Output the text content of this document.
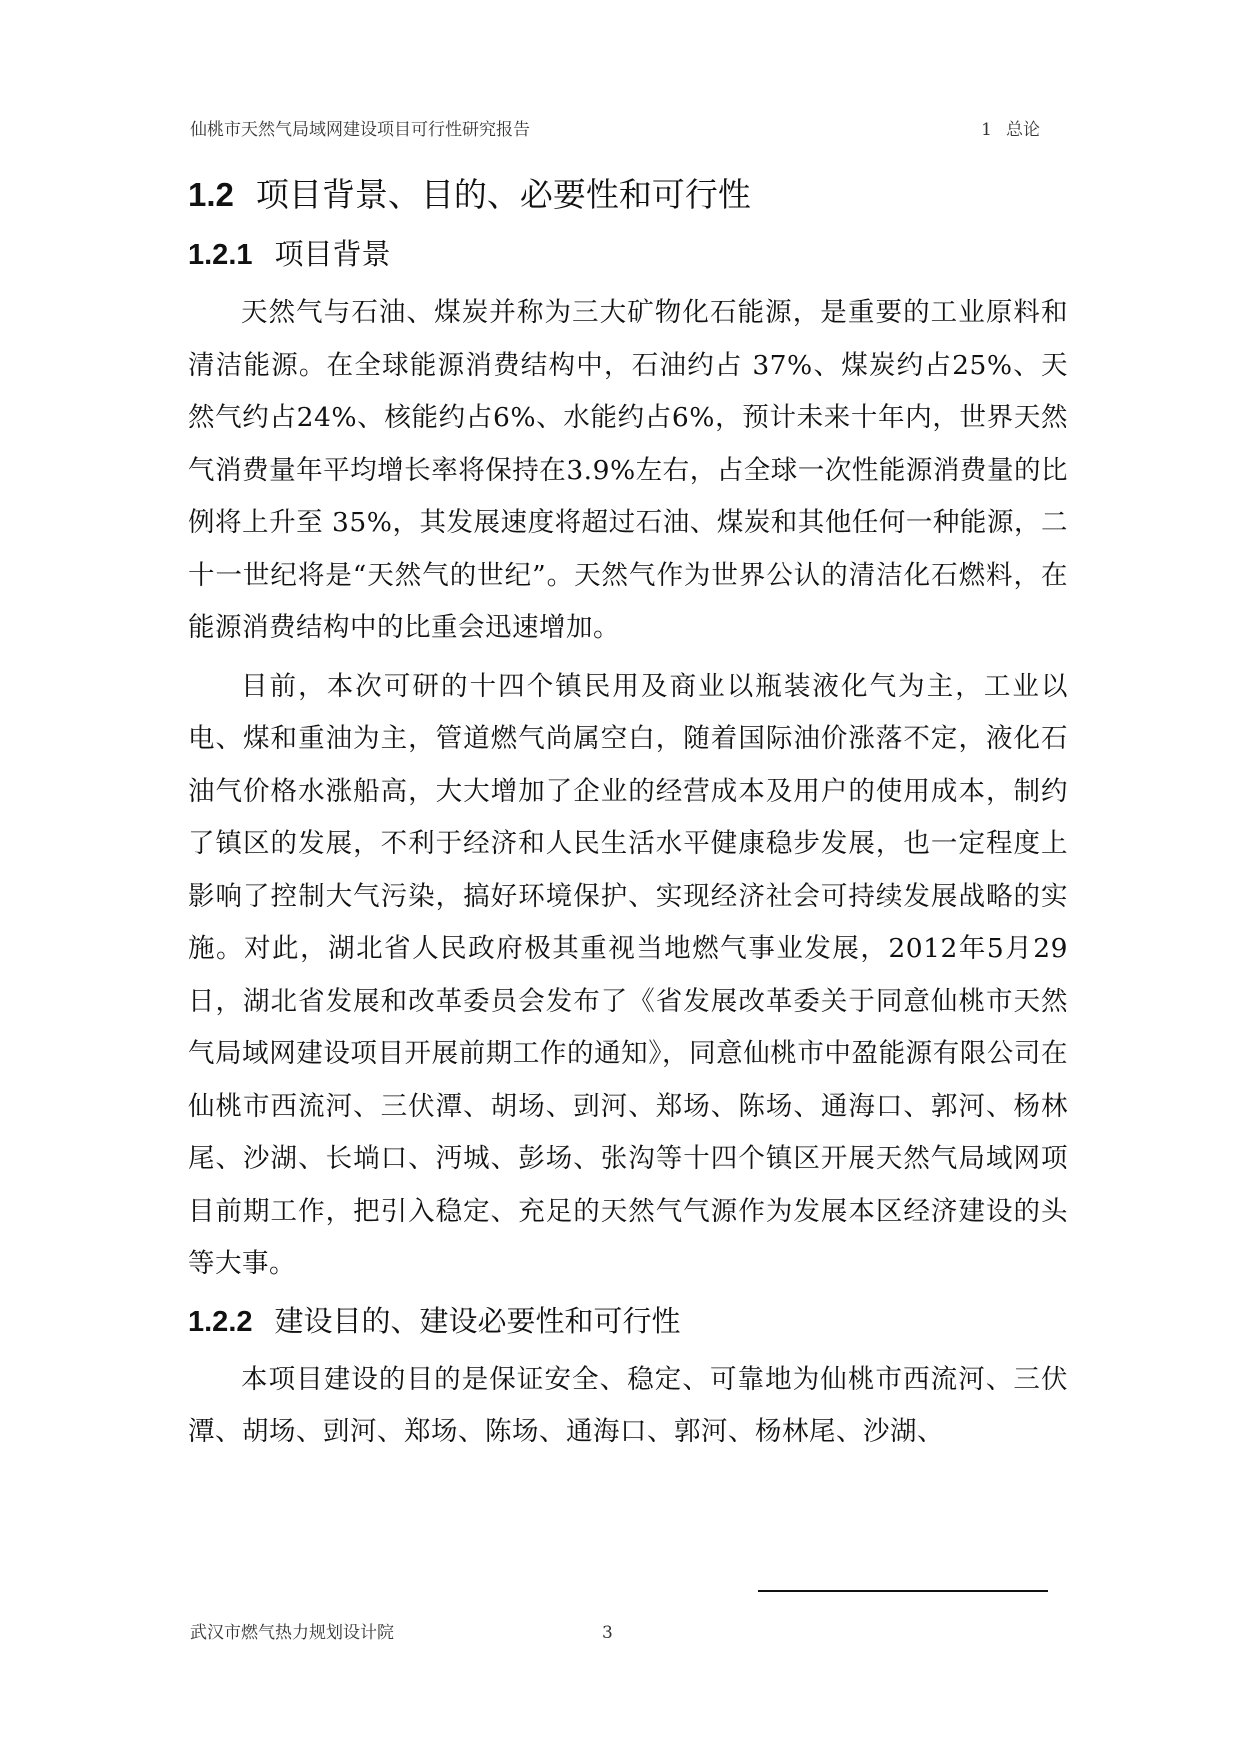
仙桃市天然气局域网建设项目可行性研究报告	1 总论
1.2 项目背景、目的、必要性和可行性
1.2.1 项目背景

天然气与石油、煤炭并称为三大矿物化石能源，是重要的工业原料和清洁能源。在全球能源消费结构中，石油约占 37%、煤炭约占25%、天然气约占24%、核能约占6%、水能约占6%，预计未来十年内，世界天然气消费量年平均增长率将保持在3.9%左右，占全球一次性能源消费量的比例将上升至 35%，其发展速度将超过石油、煤炭和其他任何一种能源，二十一世纪将是“天然气的世纪”。天然气作为世界公认的清洁化石燃料，在能源消费结构中的比重会迅速增加。

目前，本次可研的十四个镇民用及商业以瓶装液化气为主，工业以电、煤和重油为主，管道燃气尚属空白，随着国际油价涨落不定，液化石油气价格水涨船高，大大增加了企业的经营成本及用户的使用成本，制约了镇区的发展，不利于经济和人民生活水平健康稳步发展，也一定程度上影响了控制大气污染，搞好环境保护、实现经济社会可持续发展战略的实施。对此，湖北省人民政府极其重视当地燃气事业发展，2012年5月29日，湖北省发展和改革委员会发布了《省发展改革委关于同意仙桃市天然气局域网建设项目开展前期工作的通知》，同意仙桃市中盈能源有限公司在仙桃市西流河、三伏潭、胡场、剅河、郑场、陈场、通海口、郭河、杨林尾、沙湖、长埫口、沔城、彭场、张沟等十四个镇区开展天然气局域网项目前期工作，把引入稳定、充足的天然气气源作为发展本区经济建设的头等大事。

1.2.2 建设目的、建设必要性和可行性

本项目建设的目的是保证安全、稳定、可靠地为仙桃市西流河、三伏潭、胡场、剅河、郑场、陈场、通海口、郭河、杨林尾、沙湖、

武汉市燃气热力规划设计院	3
